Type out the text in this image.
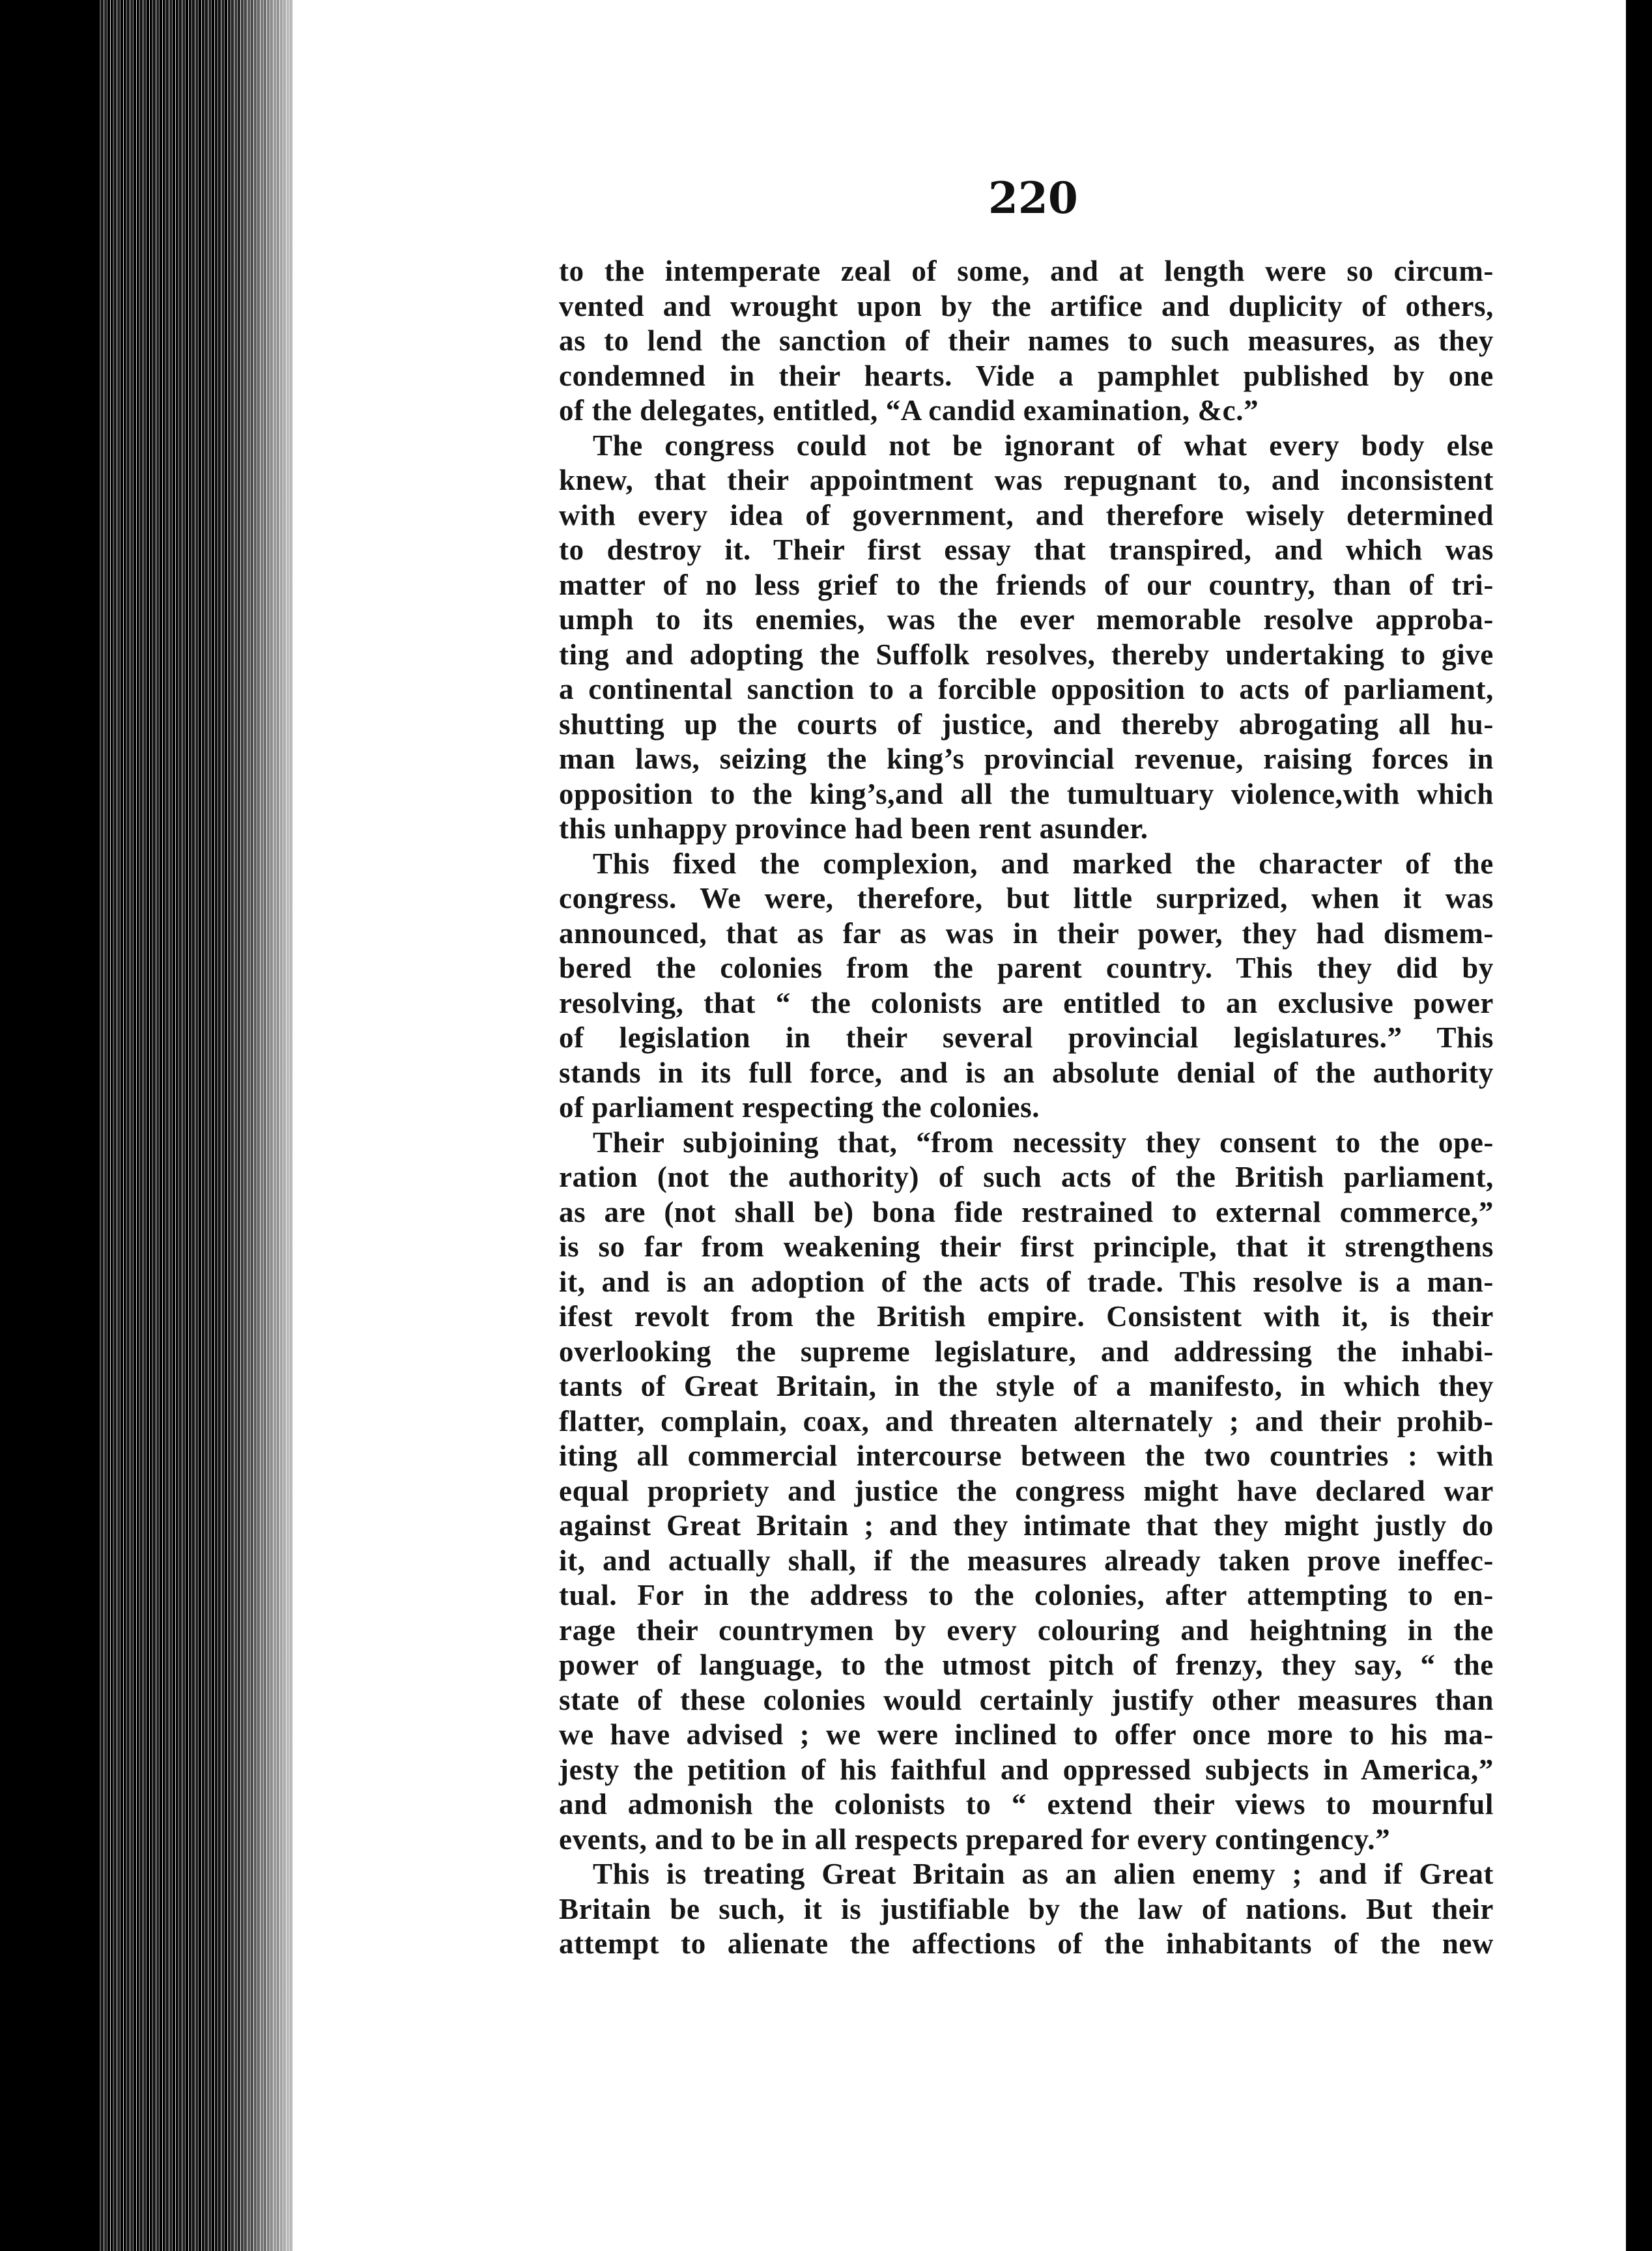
220
to the intemperate zeal of some, and at length were so circum-
vented and wrought upon by the artifice and duplicity of others,
as to lend the sanction of their names to such measures, as they
condemned in their hearts. Vide a pamphlet published by one
of the delegates, entitled, “A candid examination, &c.”
The congress could not be ignorant of what every body else
knew, that their appointment was repugnant to, and inconsistent
with every idea of government, and therefore wisely determined
to destroy it. Their first essay that transpired, and which was
matter of no less grief to the friends of our country, than of tri-
umph to its enemies, was the ever memorable resolve approba-
ting and adopting the Suffolk resolves, thereby undertaking to give
a continental sanction to a forcible opposition to acts of parliament,
shutting up the courts of justice, and thereby abrogating all hu-
man laws, seizing the king’s provincial revenue, raising forces in
opposition to the king’s,and all the tumultuary violence,with which
this unhappy province had been rent asunder.
This fixed the complexion, and marked the character of the
congress. We were, therefore, but little surprized, when it was
announced, that as far as was in their power, they had dismem-
bered the colonies from the parent country. This they did by
resolving, that “ the colonists are entitled to an exclusive power
of legislation in their several provincial legislatures.” This
stands in its full force, and is an absolute denial of the authority
of parliament respecting the colonies.
Their subjoining that, “from necessity they consent to the ope-
ration (not the authority) of such acts of the British parliament,
as are (not shall be) bona fide restrained to external commerce,”
is so far from weakening their first principle, that it strengthens
it, and is an adoption of the acts of trade. This resolve is a man-
ifest revolt from the British empire. Consistent with it, is their
overlooking the supreme legislature, and addressing the inhabi-
tants of Great Britain, in the style of a manifesto, in which they
flatter, complain, coax, and threaten alternately ; and their prohib-
iting all commercial intercourse between the two countries : with
equal propriety and justice the congress might have declared war
against Great Britain ; and they intimate that they might justly do
it, and actually shall, if the measures already taken prove ineffec-
tual. For in the address to the colonies, after attempting to en-
rage their countrymen by every colouring and heightning in the
power of language, to the utmost pitch of frenzy, they say, “ the
state of these colonies would certainly justify other measures than
we have advised ; we were inclined to offer once more to his ma-
jesty the petition of his faithful and oppressed subjects in America,”
and admonish the colonists to “ extend their views to mournful
events, and to be in all respects prepared for every contingency.”
This is treating Great Britain as an alien enemy ; and if Great
Britain be such, it is justifiable by the law of nations. But their
attempt to alienate the affections of the inhabitants of the new
